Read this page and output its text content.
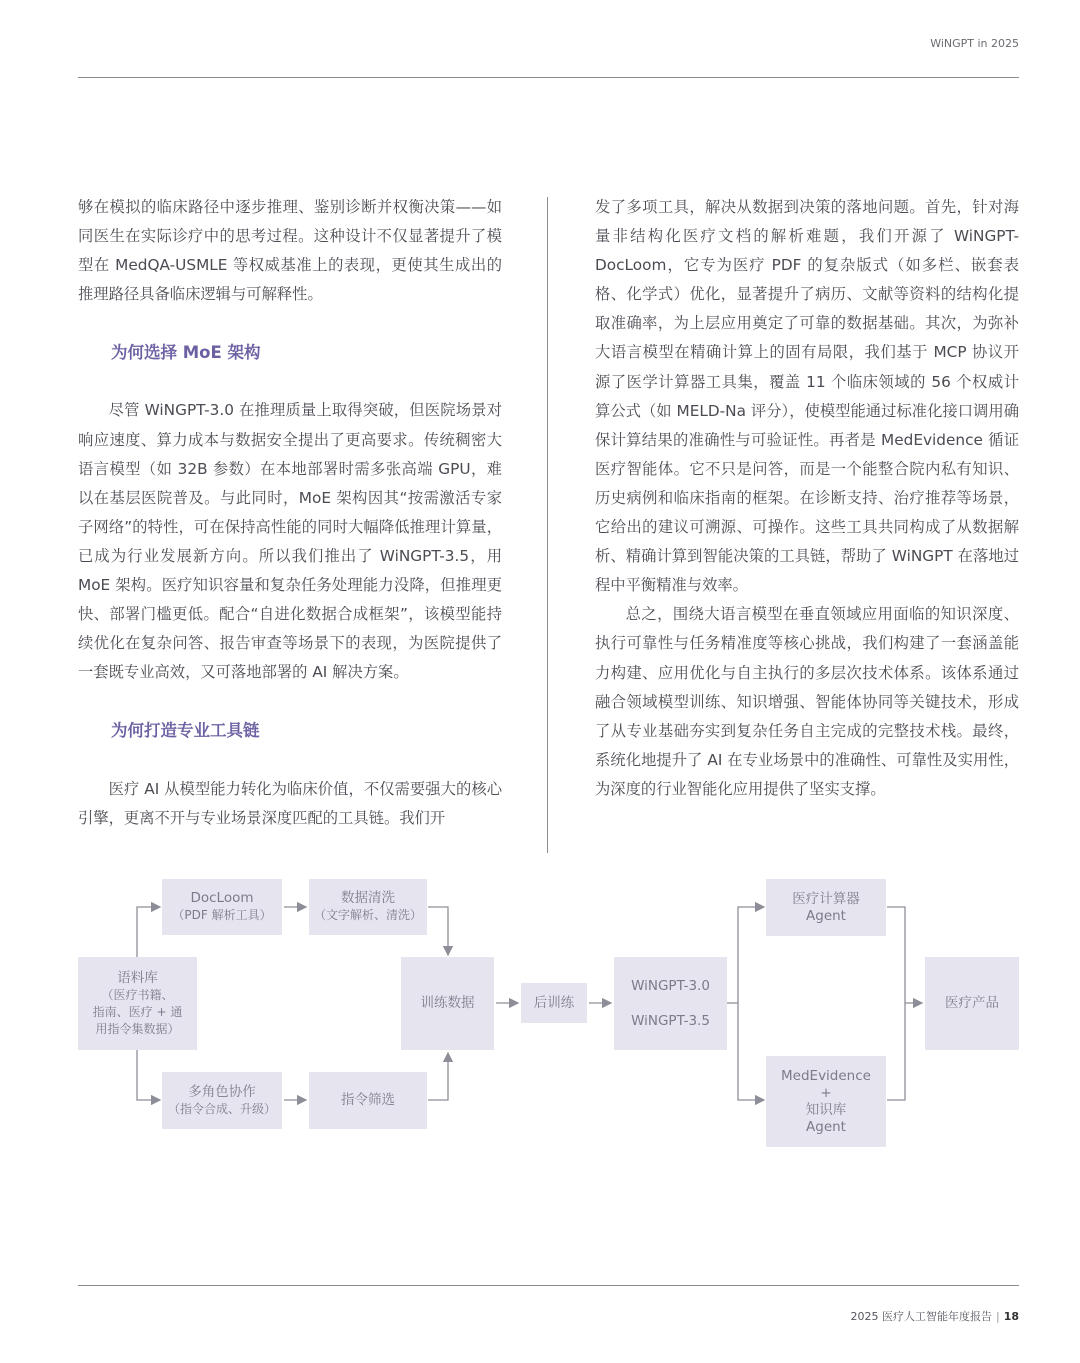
WiNGPT in 2025

够在模拟的临床路径中逐步推理、鉴别诊断并权衡决策——如同医生在实际诊疗中的思考过程。这种设计不仅显著提升了模型在 MedQA-USMLE 等权威基准上的表现，更使其生成出的推理路径具备临床逻辑与可解释性。

为何选择 MoE 架构

尽管 WiNGPT-3.0 在推理质量上取得突破，但医院场景对响应速度、算力成本与数据安全提出了更高要求。传统稠密大语言模型（如 32B 参数）在本地部署时需多张高端 GPU，难以在基层医院普及。与此同时，MoE 架构因其“按需激活专家子网络”的特性，可在保持高性能的同时大幅降低推理计算量，已成为行业发展新方向。所以我们推出了 WiNGPT-3.5，用 MoE 架构。医疗知识容量和复杂任务处理能力没降，但推理更快、部署门槛更低。配合“自进化数据合成框架”，该模型能持续优化在复杂问答、报告审查等场景下的表现，为医院提供了一套既专业高效，又可落地部署的 AI 解决方案。

为何打造专业工具链

医疗 AI 从模型能力转化为临床价值，不仅需要强大的核心引擎，更离不开与专业场景深度匹配的工具链。我们开

发了多项工具，解决从数据到决策的落地问题。首先，针对海量非结构化医疗文档的解析难题，我们开源了 WiNGPT-DocLoom，它专为医疗 PDF 的复杂版式（如多栏、嵌套表格、化学式）优化，显著提升了病历、文献等资料的结构化提取准确率，为上层应用奠定了可靠的数据基础。其次，为弥补大语言模型在精确计算上的固有局限，我们基于 MCP 协议开源了医学计算器工具集，覆盖 11 个临床领域的 56 个权威计算公式（如 MELD-Na 评分），使模型能通过标准化接口调用确保计算结果的准确性与可验证性。再者是 MedEvidence 循证医疗智能体。它不只是问答，而是一个能整合院内私有知识、历史病例和临床指南的框架。在诊断支持、治疗推荐等场景，它给出的建议可溯源、可操作。这些工具共同构成了从数据解析、精确计算到智能决策的工具链，帮助了 WiNGPT 在落地过程中平衡精准与效率。

总之，围绕大语言模型在垂直领域应用面临的知识深度、执行可靠性与任务精准度等核心挑战，我们构建了一套涵盖能力构建、应用优化与自主执行的多层次技术体系。该体系通过融合领域模型训练、知识增强、智能体协同等关键技术，形成了从专业基础夯实到复杂任务自主完成的完整技术栈。最终，系统化地提升了 AI 在专业场景中的准确性、可靠性及实用性，为深度的行业智能化应用提供了坚实支撑。

语料库
（医疗书籍、
指南、医疗 + 通
用指令集数据）
DocLoom
（PDF 解析工具）
数据清洗
（文字解析、清洗）
多角色协作
（指令合成、升级）
指令筛选
训练数据	后训练
WiNGPT-3.0
WiNGPT-3.5
医疗计算器
Agent
MedEvidence
+
知识库
Agent
医疗产品
2025 医疗人工智能年度报告 | 18
